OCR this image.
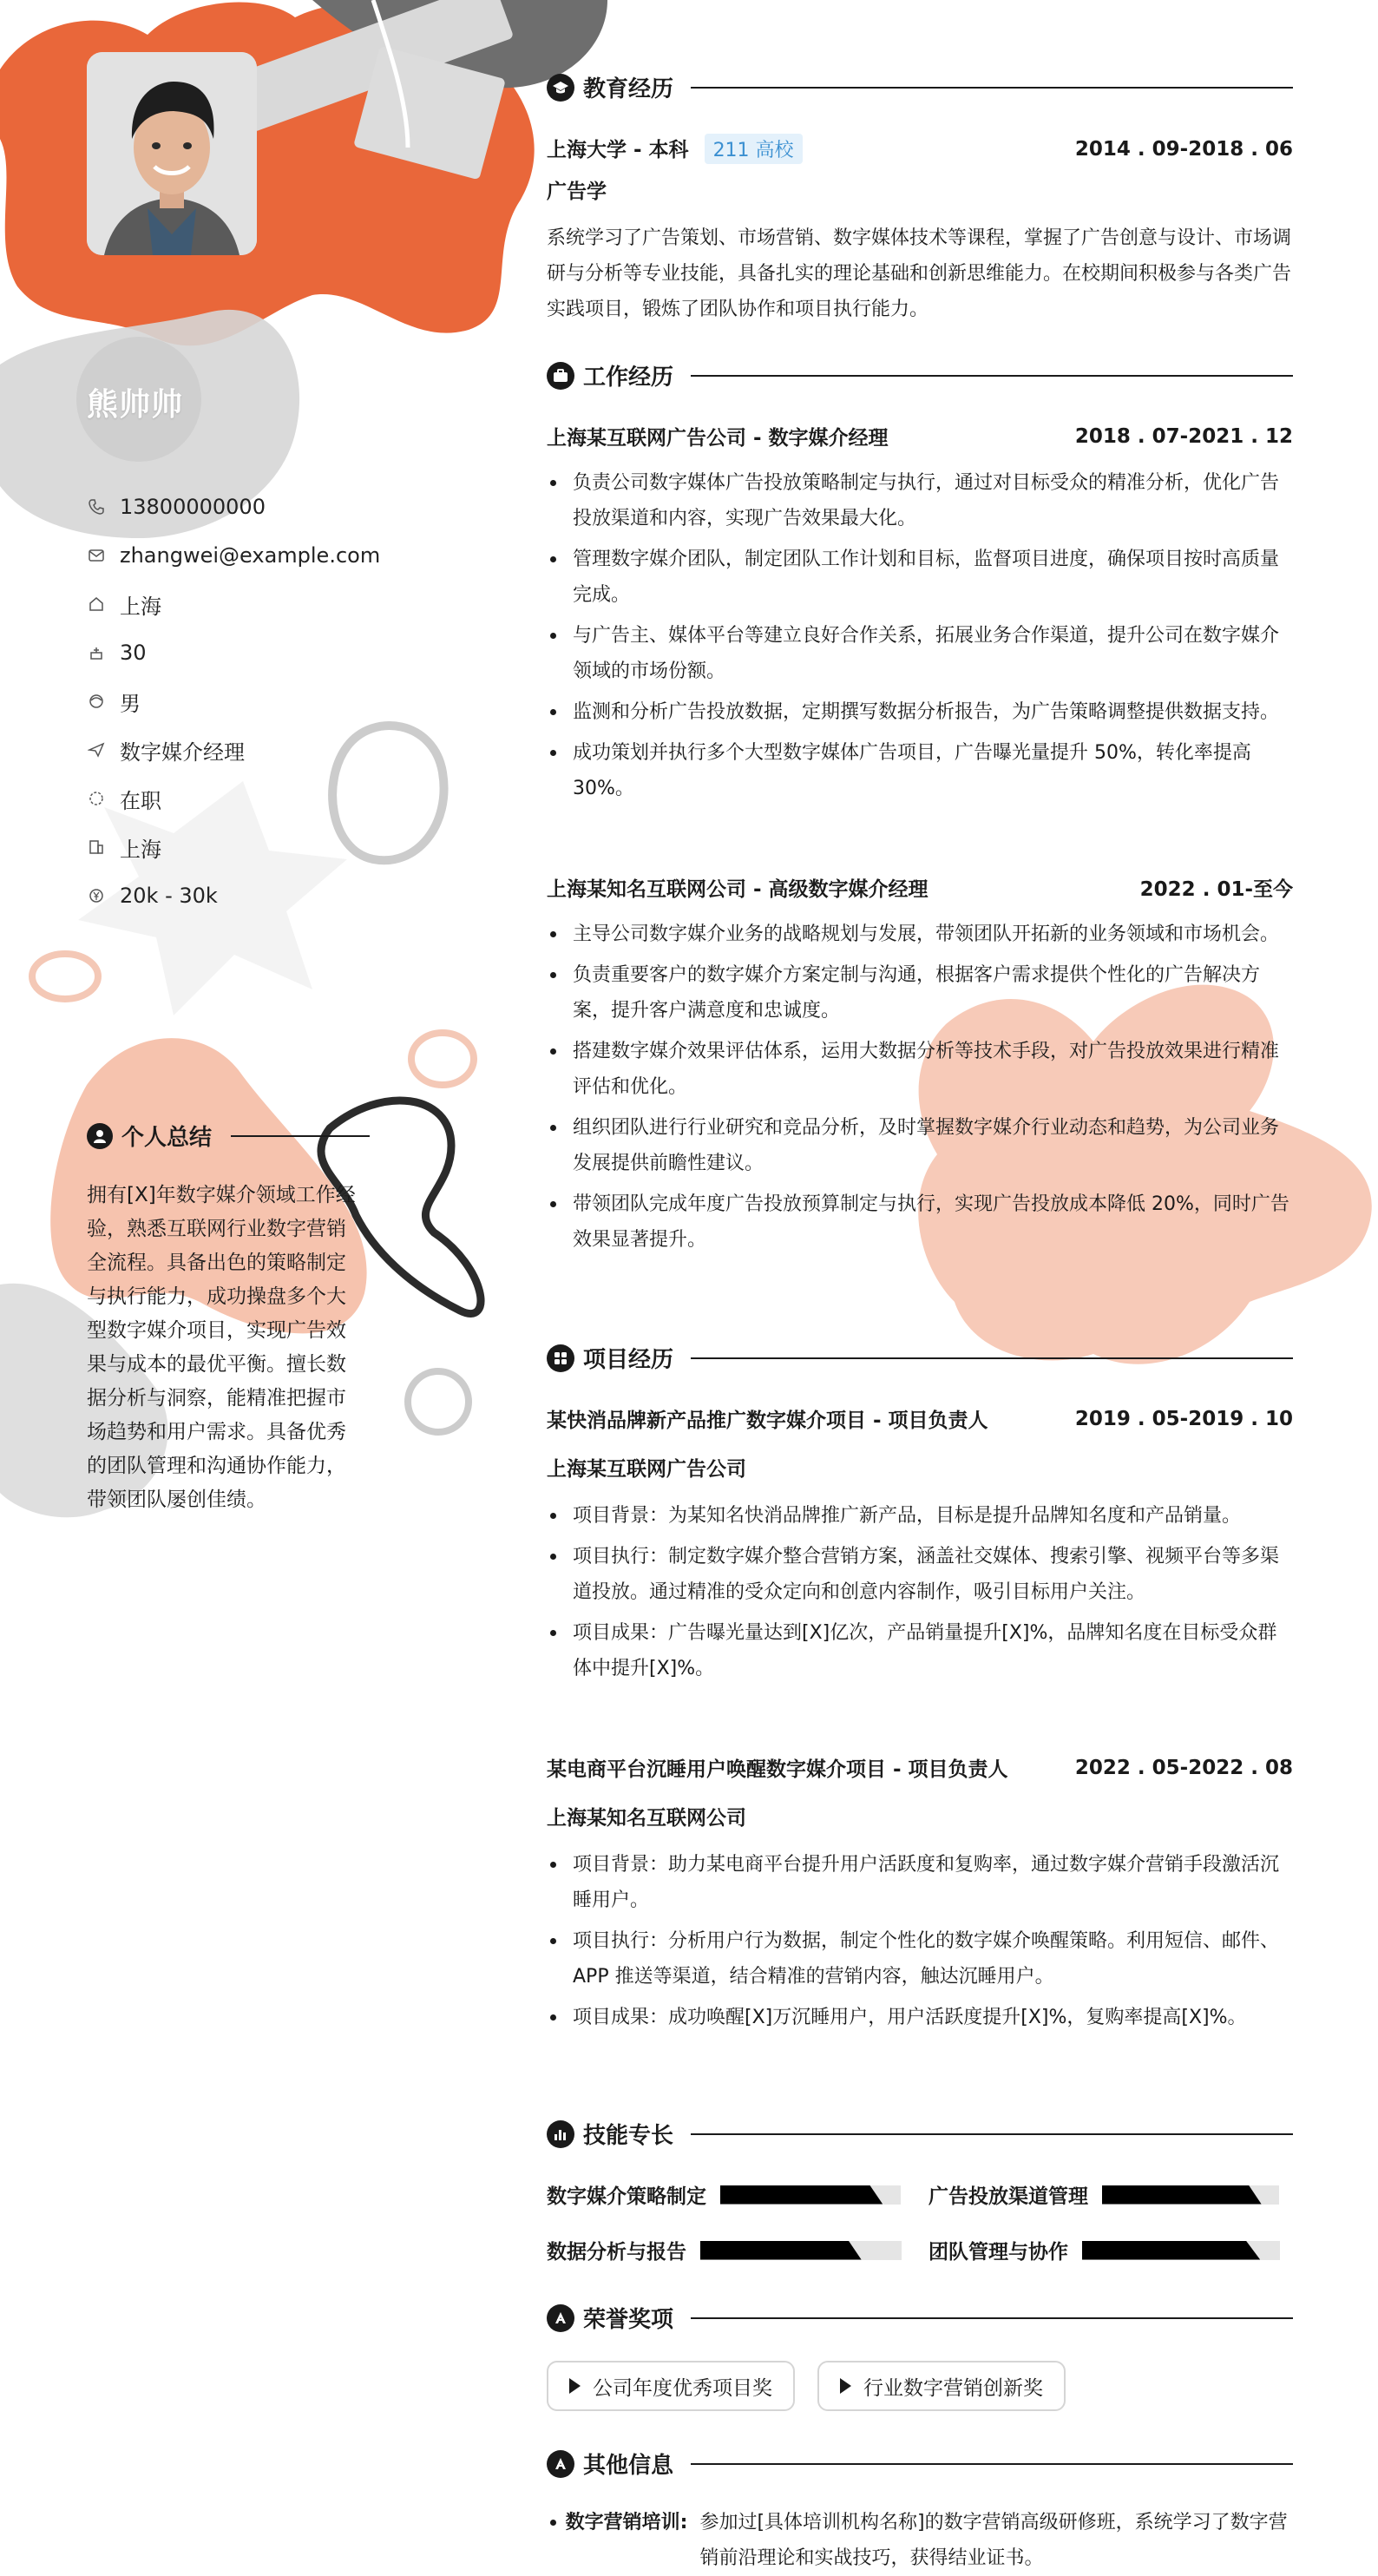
熊帅帅
13800000000
zhangwei@example.com
上海
30
男
数字媒介经理
在职
上海
20k - 30k
个人总结
拥有[X]年数字媒介领域工作经验，熟悉互联网行业数字营销全流程。具备出色的策略制定与执行能力，成功操盘多个大型数字媒介项目，实现广告效果与成本的最优平衡。擅长数据分析与洞察，能精准把握市场趋势和用户需求。具备优秀的团队管理和沟通协作能力，带领团队屡创佳绩。
教育经历
上海大学 - 本科 211 高校	2014 . 09-2018 . 06
广告学
系统学习了广告策划、市场营销、数字媒体技术等课程，掌握了广告创意与设计、市场调研与分析等专业技能，具备扎实的理论基础和创新思维能力。在校期间积极参与各类广告实践项目，锻炼了团队协作和项目执行能力。
工作经历
上海某互联网广告公司 - 数字媒介经理	2018 . 07-2021 . 12
负责公司数字媒体广告投放策略制定与执行，通过对目标受众的精准分析，优化广告投放渠道和内容，实现广告效果最大化。
管理数字媒介团队，制定团队工作计划和目标，监督项目进度，确保项目按时高质量完成。
与广告主、媒体平台等建立良好合作关系，拓展业务合作渠道，提升公司在数字媒介领域的市场份额。
监测和分析广告投放数据，定期撰写数据分析报告，为广告策略调整提供数据支持。
成功策划并执行多个大型数字媒体广告项目，广告曝光量提升 50%，转化率提高 30%。
上海某知名互联网公司 - 高级数字媒介经理	2022 . 01-至今
主导公司数字媒介业务的战略规划与发展，带领团队开拓新的业务领域和市场机会。
负责重要客户的数字媒介方案定制与沟通，根据客户需求提供个性化的广告解决方案，提升客户满意度和忠诚度。
搭建数字媒介效果评估体系，运用大数据分析等技术手段，对广告投放效果进行精准评估和优化。
组织团队进行行业研究和竞品分析，及时掌握数字媒介行业动态和趋势，为公司业务发展提供前瞻性建议。
带领团队完成年度广告投放预算制定与执行，实现广告投放成本降低 20%，同时广告效果显著提升。
项目经历
某快消品牌新产品推广数字媒介项目 - 项目负责人	2019 . 05-2019 . 10
上海某互联网广告公司
项目背景：为某知名快消品牌推广新产品，目标是提升品牌知名度和产品销量。
项目执行：制定数字媒介整合营销方案，涵盖社交媒体、搜索引擎、视频平台等多渠道投放。通过精准的受众定向和创意内容制作，吸引目标用户关注。
项目成果：广告曝光量达到[X]亿次，产品销量提升[X]%，品牌知名度在目标受众群体中提升[X]%。
某电商平台沉睡用户唤醒数字媒介项目 - 项目负责人	2022 . 05-2022 . 08
上海某知名互联网公司
项目背景：助力某电商平台提升用户活跃度和复购率，通过数字媒介营销手段激活沉睡用户。
项目执行：分析用户行为数据，制定个性化的数字媒介唤醒策略。利用短信、邮件、APP 推送等渠道，结合精准的营销内容，触达沉睡用户。
项目成果：成功唤醒[X]万沉睡用户，用户活跃度提升[X]%，复购率提高[X]%。
技能专长
数字媒介策略制定	广告投放渠道管理
数据分析与报告	团队管理与协作
荣誉奖项
公司年度优秀项目奖	行业数字营销创新奖
其他信息
数字营销培训: 参加过[具体培训机构名称]的数字营销高级研修班，系统学习了数字营销前沿理论和实战技巧，获得结业证书。
